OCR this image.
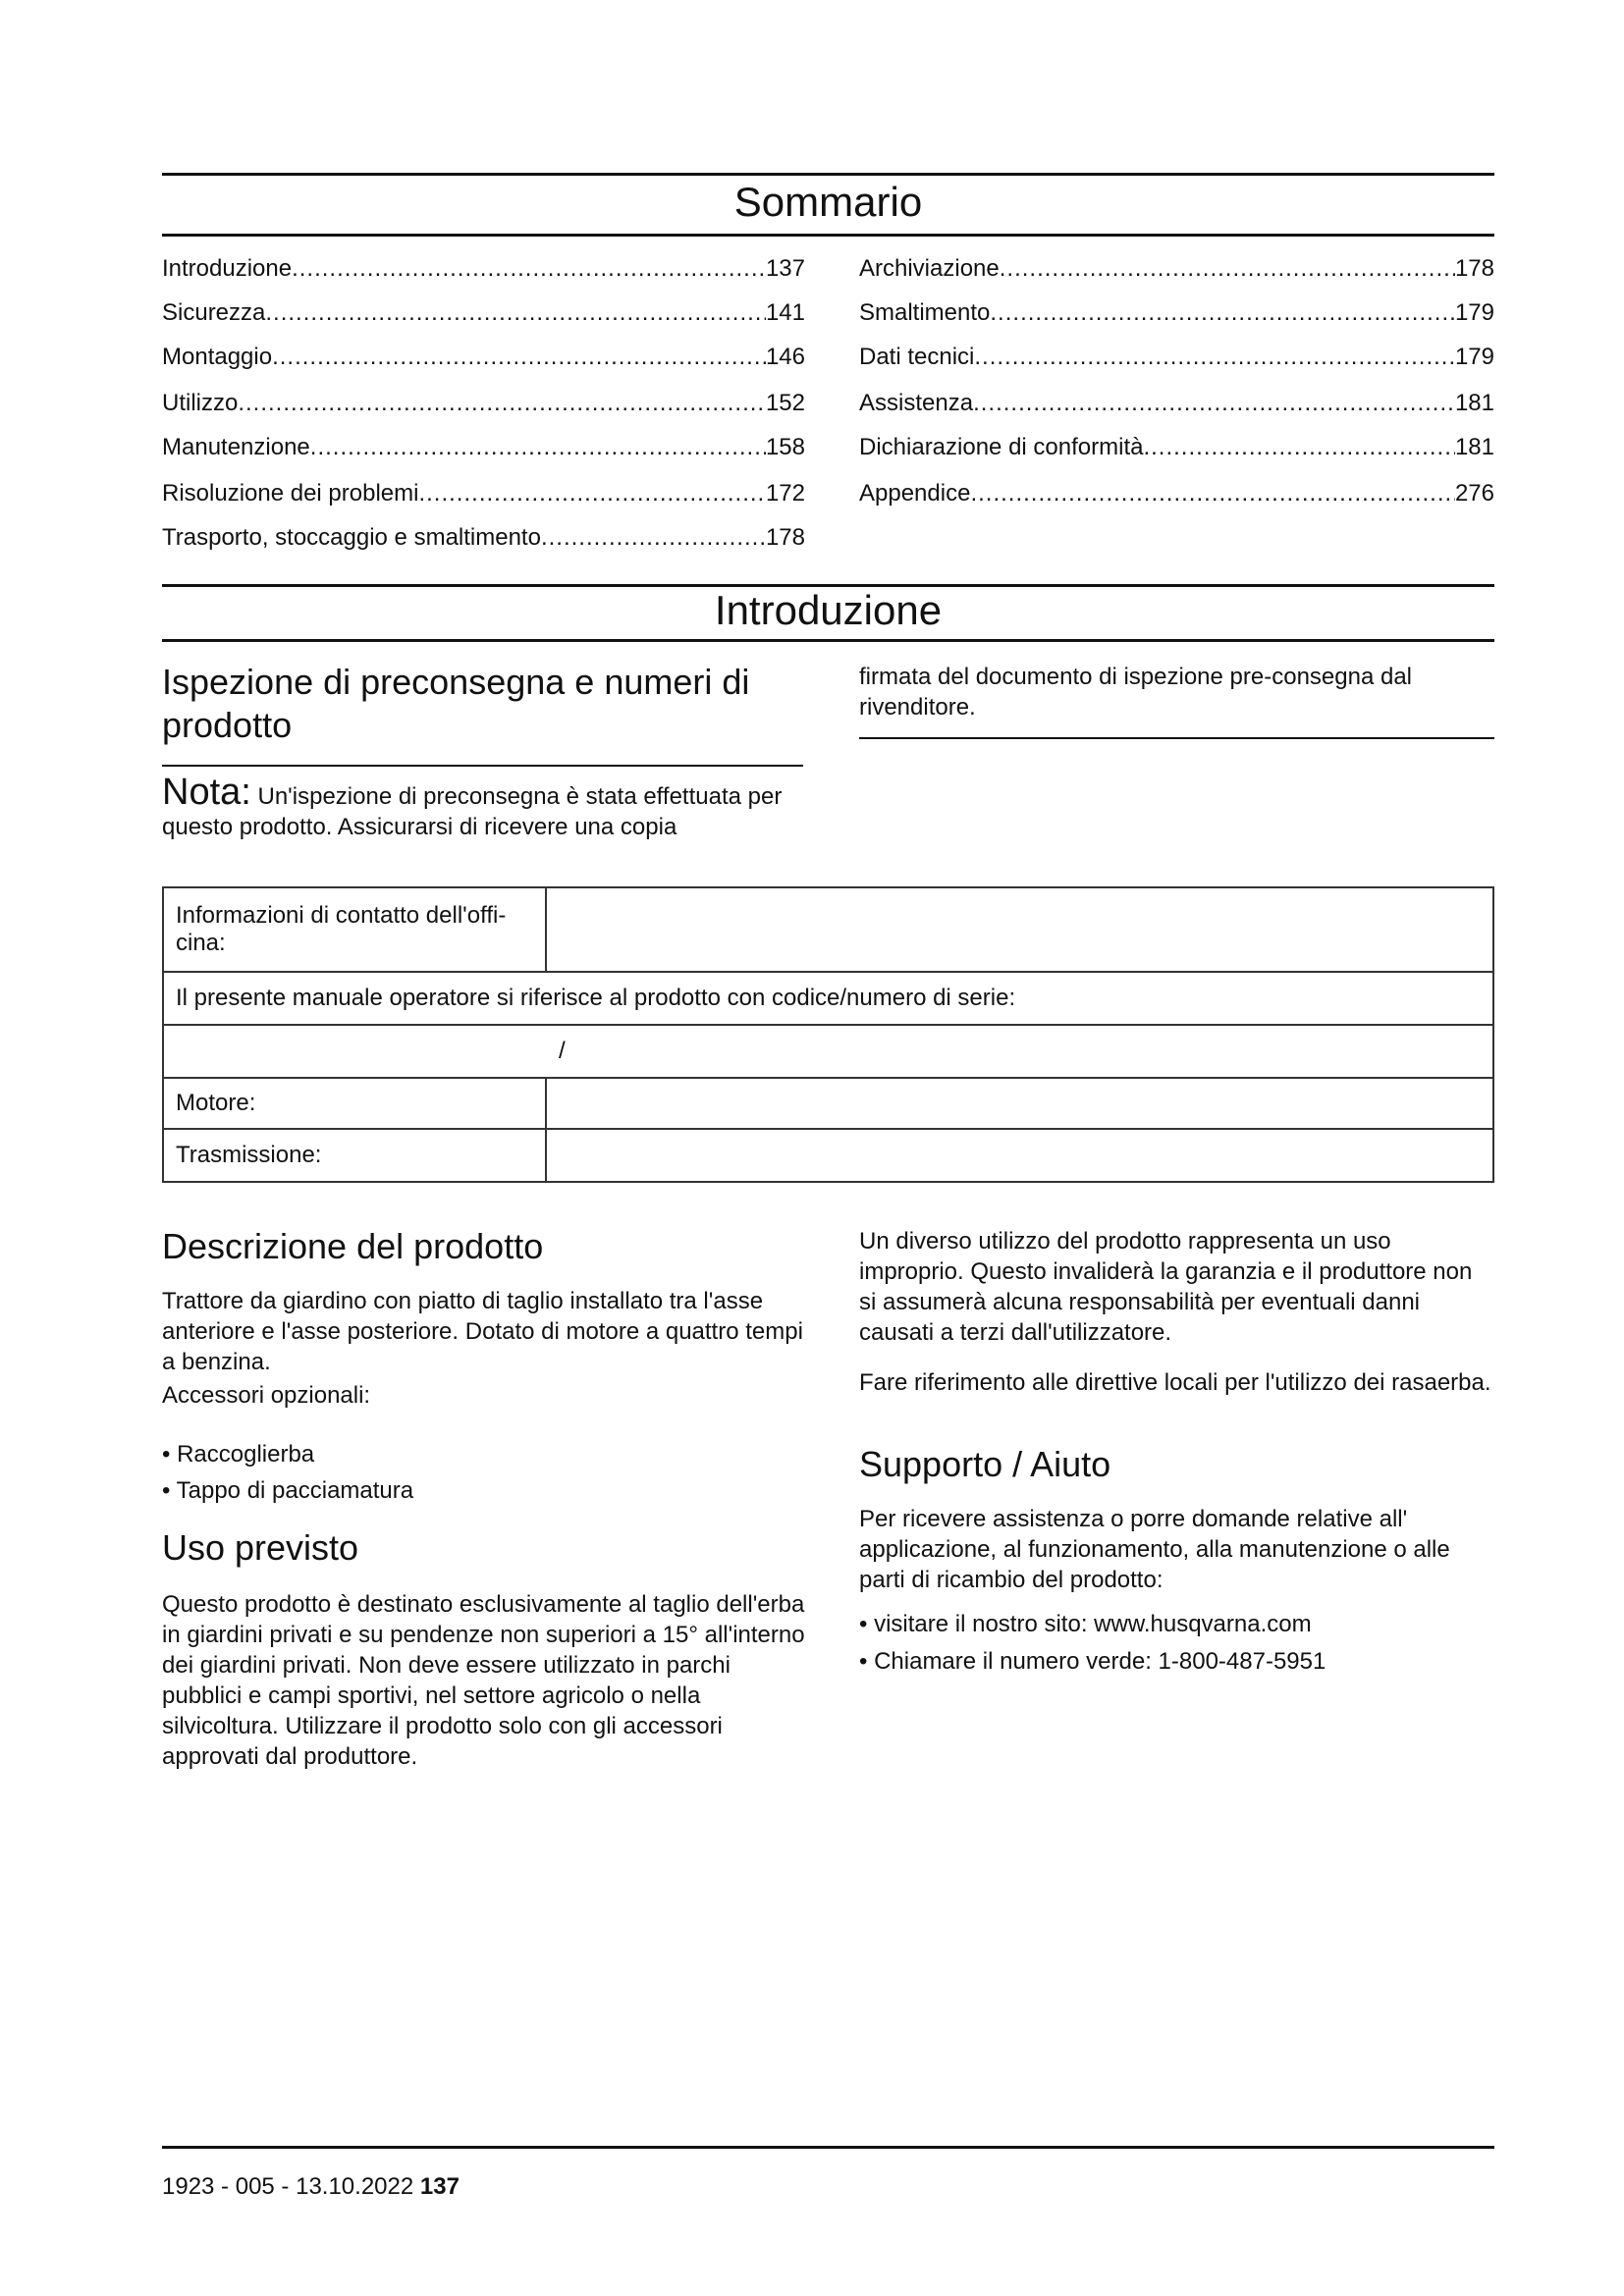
Sommario
Introduzione .....	137
Sicurezza .....	141
Montaggio .....	146
Utilizzo .....	152
Manutenzione .....	158
Risoluzione dei problemi .....	172
Trasporto, stoccaggio e smaltimento .....	178
Archiviazione .....	178
Smaltimento .....	179
Dati tecnici .....	179
Assistenza .....	181
Dichiarazione di conformità .....	181
Appendice .....	276
Introduzione
Ispezione di preconsegna e numeri di prodotto
Nota: Un'ispezione di preconsegna è stata effettuata per questo prodotto. Assicurarsi di ricevere una copia
firmata del documento di ispezione pre-consegna dal rivenditore.
Informazioni di contatto dell'offi-cina:	
Il presente manuale operatore si riferisce al prodotto con codice/numero di serie:	
/	
Motore:	
Trasmissione:	
Descrizione del prodotto
Trattore da giardino con piatto di taglio installato tra l'asse anteriore e l'asse posteriore. Dotato di motore a quattro tempi a benzina.
Accessori opzionali:
• Raccoglierba
• Tappo di pacciamatura
Uso previsto
Questo prodotto è destinato esclusivamente al taglio dell'erba in giardini privati e su pendenze non superiori a 15° all'interno dei giardini privati. Non deve essere utilizzato in parchi pubblici e campi sportivi, nel settore agricolo o nella silvicoltura. Utilizzare il prodotto solo con gli accessori approvati dal produttore.
Un diverso utilizzo del prodotto rappresenta un uso improprio. Questo invaliderà la garanzia e il produttore non si assumerà alcuna responsabilità per eventuali danni causati a terzi dall'utilizzatore.
Fare riferimento alle direttive locali per l'utilizzo dei rasaerba.
Supporto / Aiuto
Per ricevere assistenza o porre domande relative all' applicazione, al funzionamento, alla manutenzione o alle parti di ricambio del prodotto:
• visitare il nostro sito: www.husqvarna.com
• Chiamare il numero verde: 1-800-487-5951
1923 - 005 - 13.10.2022 137
